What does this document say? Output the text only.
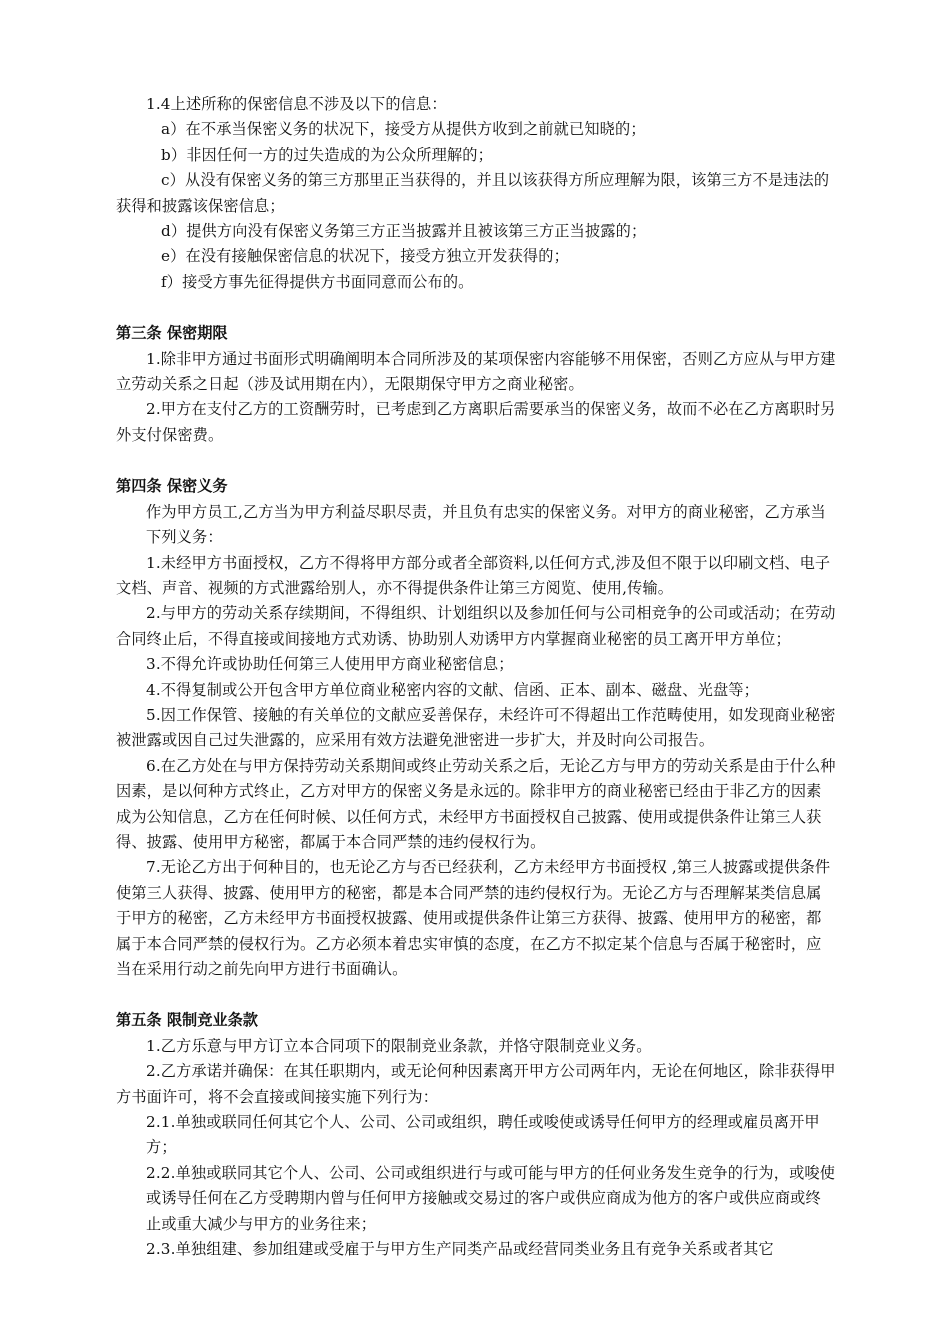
1.4上述所称的保密信息不涉及以下的信息：

a）在不承当保密义务的状况下，接受方从提供方收到之前就已知晓的；

b）非因任何一方的过失造成的为公众所理解的；

c）从没有保密义务的第三方那里正当获得的，并且以该获得方所应理解为限，该第三方不是违法的获得和披露该保密信息；

d）提供方向没有保密义务第三方正当披露并且被该第三方正当披露的；

e）在没有接触保密信息的状况下，接受方独立开发获得的；

f）接受方事先征得提供方书面同意而公布的。

第三条 保密期限

1.除非甲方通过书面形式明确阐明本合同所涉及的某项保密内容能够不用保密，否则乙方应从与甲方建立劳动关系之日起（涉及试用期在内），无限期保守甲方之商业秘密。

2.甲方在支付乙方的工资酬劳时，已考虑到乙方离职后需要承当的保密义务，故而不必在乙方离职时另外支付保密费。

第四条 保密义务

作为甲方员工,乙方当为甲方利益尽职尽责，并且负有忠实的保密义务。对甲方的商业秘密，乙方承当下列义务：

1.未经甲方书面授权，乙方不得将甲方部分或者全部资料,以任何方式,涉及但不限于以印刷文档、电子文档、声音、视频的方式泄露给别人，亦不得提供条件让第三方阅览、使用,传输。

2.与甲方的劳动关系存续期间，不得组织、计划组织以及参加任何与公司相竞争的公司或活动；在劳动合同终止后，不得直接或间接地方式劝诱、协助别人劝诱甲方内掌握商业秘密的员工离开甲方单位；

3.不得允许或协助任何第三人使用甲方商业秘密信息；

4.不得复制或公开包含甲方单位商业秘密内容的文献、信函、正本、副本、磁盘、光盘等；

5.因工作保管、接触的有关单位的文献应妥善保存，未经许可不得超出工作范畴使用，如发现商业秘密被泄露或因自己过失泄露的，应采用有效方法避免泄密进一步扩大，并及时向公司报告。

6.在乙方处在与甲方保持劳动关系期间或终止劳动关系之后，无论乙方与甲方的劳动关系是由于什么种因素，是以何种方式终止，乙方对甲方的保密义务是永远的。除非甲方的商业秘密已经由于非乙方的因素成为公知信息，乙方在任何时候、以任何方式，未经甲方书面授权自己披露、使用或提供条件让第三人获得、披露、使用甲方秘密，都属于本合同严禁的违约侵权行为。

7.无论乙方出于何种目的，也无论乙方与否已经获利，乙方未经甲方书面授权 ,第三人披露或提供条件使第三人获得、披露、使用甲方的秘密，都是本合同严禁的违约侵权行为。无论乙方与否理解某类信息属于甲方的秘密，乙方未经甲方书面授权披露、使用或提供条件让第三方获得、披露、使用甲方的秘密，都属于本合同严禁的侵权行为。乙方必须本着忠实审慎的态度，在乙方不拟定某个信息与否属于秘密时，应当在采用行动之前先向甲方进行书面确认。

第五条 限制竞业条款

1.乙方乐意与甲方订立本合同项下的限制竞业条款，并恪守限制竞业义务。

2.乙方承诺并确保：在其任职期内，或无论何种因素离开甲方公司两年内，无论在何地区，除非获得甲方书面许可，将不会直接或间接实施下列行为：

2.1.单独或联同任何其它个人、公司、公司或组织，聘任或唆使或诱导任何甲方的经理或雇员离开甲方；

2.2.单独或联同其它个人、公司、公司或组织进行与或可能与甲方的任何业务发生竞争的行为，或唆使或诱导任何在乙方受聘期内曾与任何甲方接触或交易过的客户或供应商成为他方的客户或供应商或终止或重大减少与甲方的业务往来；

2.3.单独组建、参加组建或受雇于与甲方生产同类产品或经营同类业务且有竞争关系或者其它
